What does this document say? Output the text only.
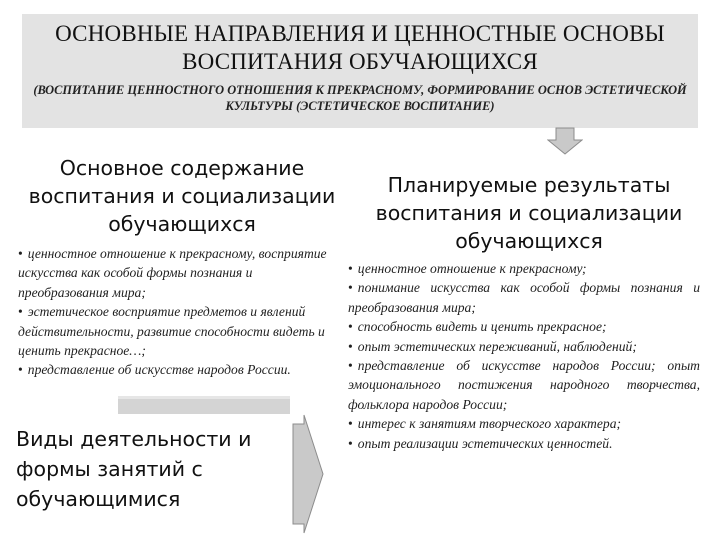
ОСНОВНЫЕ НАПРАВЛЕНИЯ И ЦЕННОСТНЫЕ ОСНОВЫ ВОСПИТАНИЯ ОБУЧАЮЩИХСЯ
(ВОСПИТАНИЕ ЦЕННОСТНОГО ОТНОШЕНИЯ К ПРЕКРАСНОМУ, ФОРМИРОВАНИЕ ОСНОВ ЭСТЕТИЧЕСКОЙ КУЛЬТУРЫ (ЭСТЕТИЧЕСКОЕ ВОСПИТАНИЕ)
Основное содержание воспитания и социализации обучающихся

• ценностное отношение к прекрасному, восприятие искусства как особой формы познания и преобразования мира;

• эстетическое восприятие предметов и явлений действительности, развитие способности видеть и ценить прекрасное…;

• представление об искусстве народов России.

Планируемые результаты воспитания и социализации обучающихся

• ценностное отношение к прекрасному;

• понимание искусства как особой формы познания и преобразования мира;

• способность видеть и ценить прекрасное;

• опыт эстетических переживаний, наблюдений;

• представление об искусстве народов России; опыт эмоционального постижения народного творчества, фольклора народов России;

• интерес к занятиям творческого характера;

• опыт реализации эстетических ценностей.

Виды деятельности и формы занятий с обучающимися
